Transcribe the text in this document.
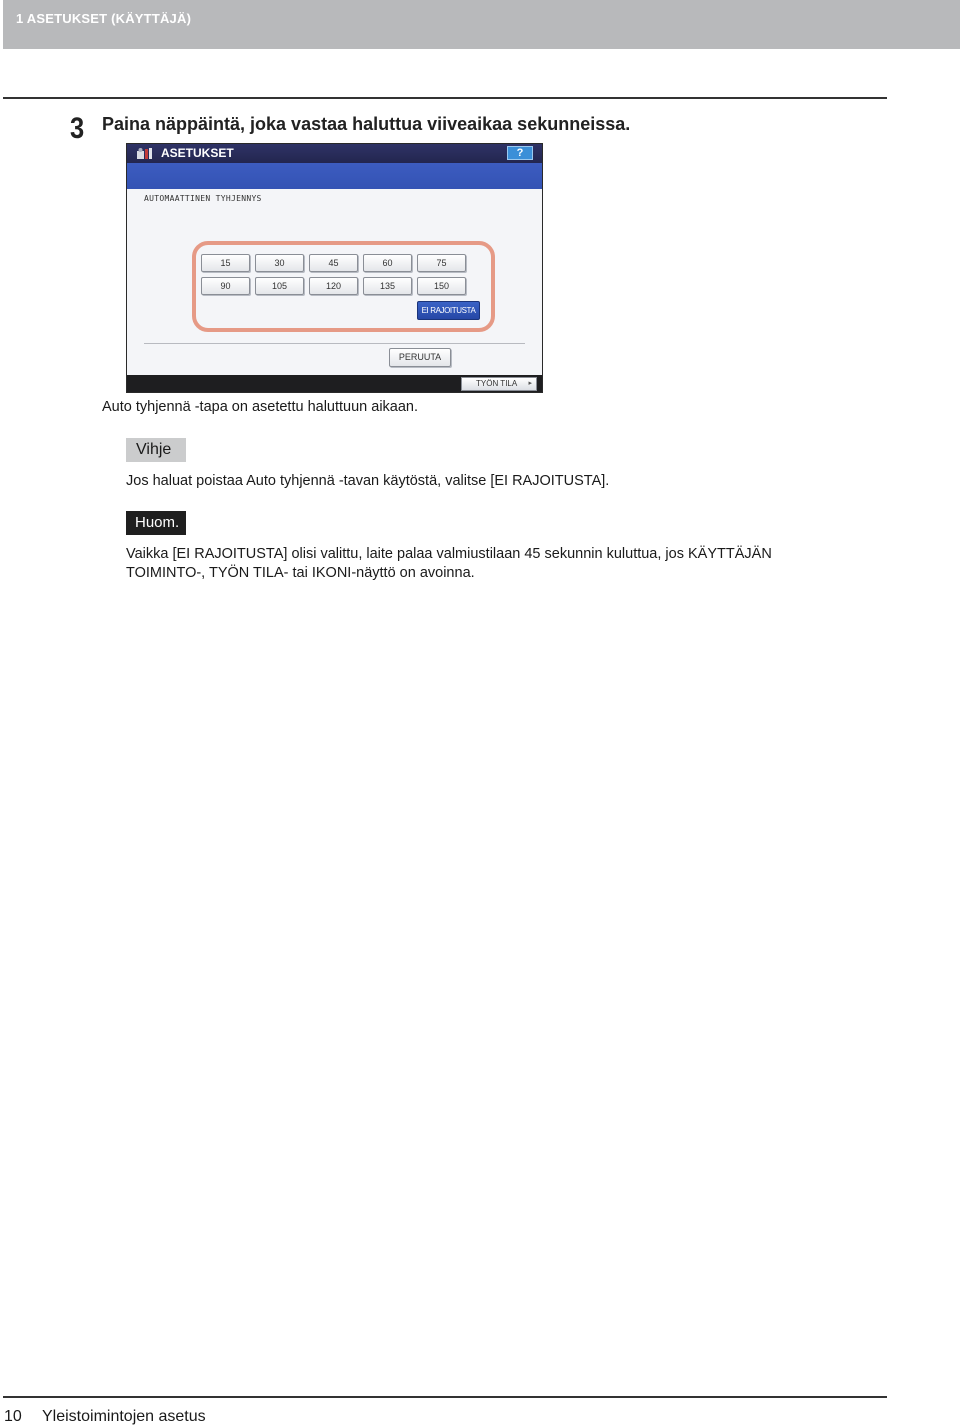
1 ASETUKSET (KÄYTTÄJÄ)
3 Paina näppäintä, joka vastaa haluttua viiveaikaa sekunneissa.
ASETUKSET	?
AUTOMAATTINEN TYHJENNYS
15	30	45	60	75
90	105	120	135	150
EI RAJOITUSTA
PERUUTA
TYÖN TILA ▸
Auto tyhjennä -tapa on asetettu haluttuun aikaan.
Vihje
Jos haluat poistaa Auto tyhjennä -tavan käytöstä, valitse [EI RAJOITUSTA].
Huom.
Vaikka [EI RAJOITUSTA] olisi valittu, laite palaa valmiustilaan 45 sekunnin kuluttua, jos KÄYTTÄJÄN
TOIMINTO-, TYÖN TILA- tai IKONI-näyttö on avoinna.
10 Yleistoimintojen asetus
